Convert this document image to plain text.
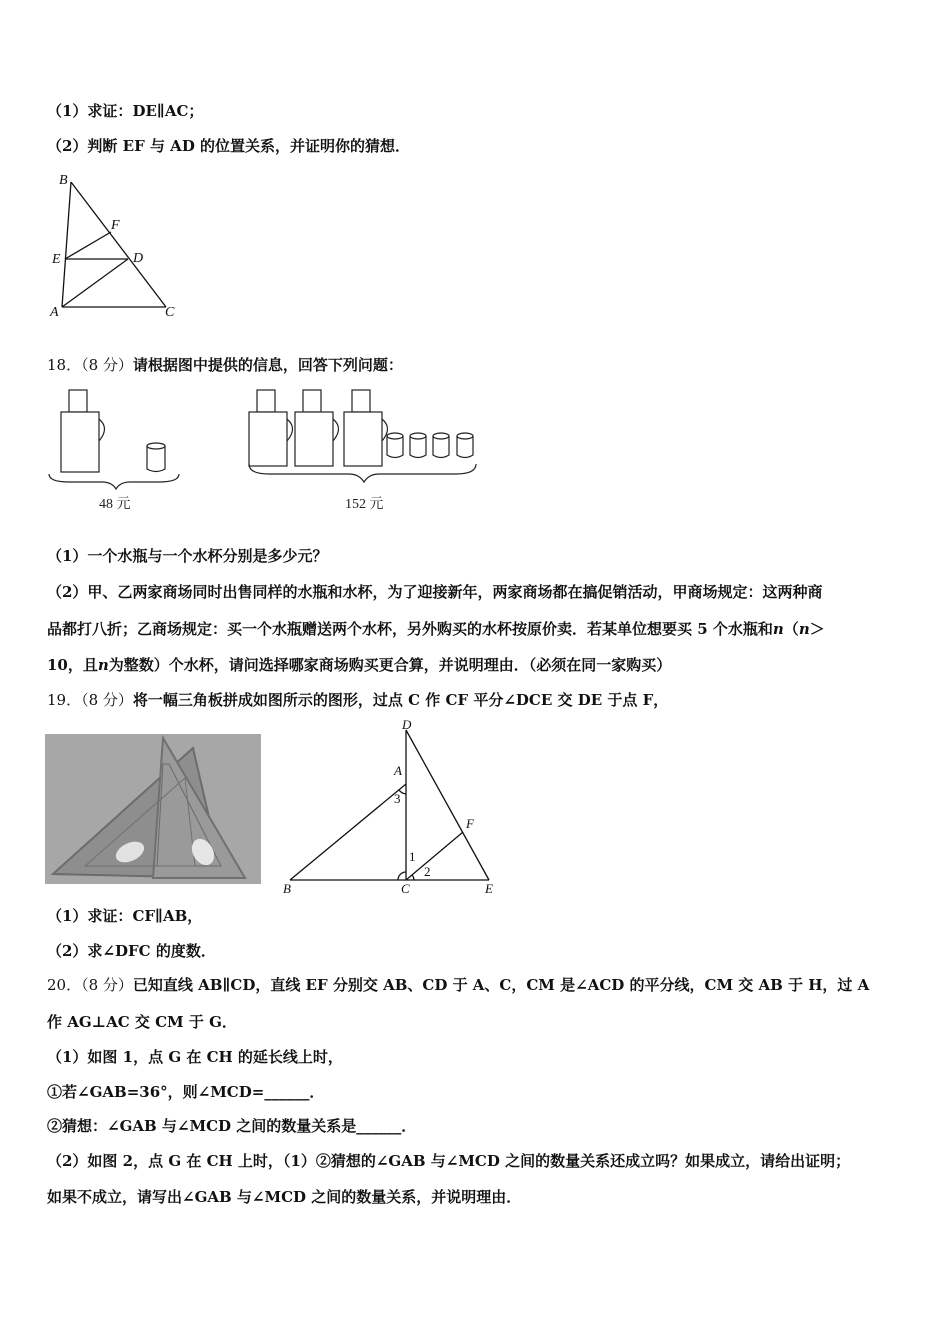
（1）求证：DE∥AC；
（2）判断 EF 与 AD 的位置关系，并证明你的猜想．
B
F
E	D
A	C
18．（8 分）请根据图中提供的信息，回答下列问题：
48 元	152 元
（1）一个水瓶与一个水杯分别是多少元？
（2）甲、乙两家商场同时出售同样的水瓶和水杯，为了迎接新年，两家商场都在搞促销活动，甲商场规定：这两种商
品都打八折；乙商场规定：买一个水瓶赠送两个水杯，另外购买的水杯按原价卖．若某单位想要买 5 个水瓶和n（n＞
10，且n为整数）个水杯，请问选择哪家商场购买更合算，并说明理由．（必须在同一家购买）
19．（8 分）将一幅三角板拼成如图所示的图形，过点 C 作 CF 平分∠DCE 交 DE 于点 F，
D
A
3
F
1
2
B	C	E
（1）求证：CF∥AB，
（2）求∠DFC 的度数．
20．（8 分）已知直线 AB∥CD，直线 EF 分别交 AB、CD 于 A、C，CM 是∠ACD 的平分线，CM 交 AB 于 H，过 A
作 AG⊥AC 交 CM 于 G．
（1）如图 1，点 G 在 CH 的延长线上时，
①若∠GAB=36°，则∠MCD=______．
②猜想：∠GAB 与∠MCD 之间的数量关系是______．
（2）如图 2，点 G 在 CH 上时，（1）②猜想的∠GAB 与∠MCD 之间的数量关系还成立吗？如果成立，请给出证明；
如果不成立，请写出∠GAB 与∠MCD 之间的数量关系，并说明理由．
